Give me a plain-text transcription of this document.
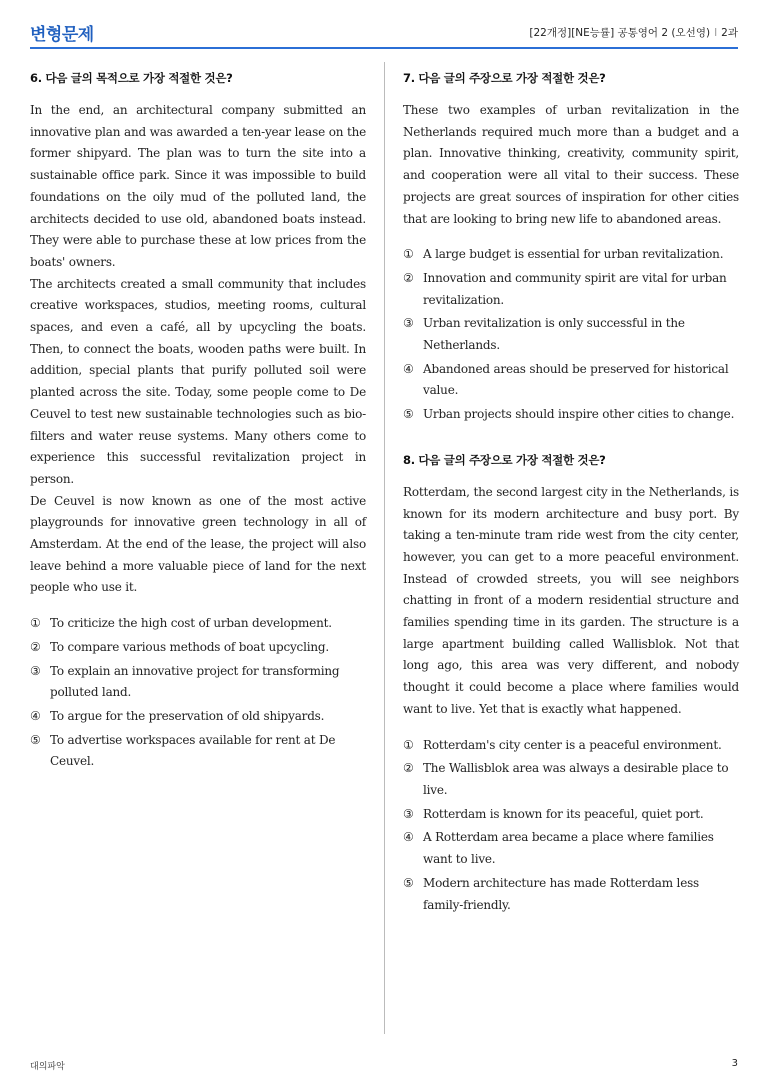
변형문제	[22개정][NE능률] 공통영어 2 (오선영) I 2과
6. 다음 글의 목적으로 가장 적절한 것은?

In the end, an architectural company submitted an innovative plan and was awarded a ten-year lease on the former shipyard. The plan was to turn the site into a sustainable office park. Since it was impossible to build foundations on the oily mud of the polluted land, the architects decided to use old, abandoned boats instead. They were able to purchase these at low prices from the boats' owners.

The architects created a small community that includes creative workspaces, studios, meeting rooms, cultural spaces, and even a café, all by upcycling the boats. Then, to connect the boats, wooden paths were built. In addition, special plants that purify polluted soil were planted across the site. Today, some people come to De Ceuvel to test new sustainable technologies such as bio-filters and water reuse systems. Many others come to experience this successful revitalization project in person.

De Ceuvel is now known as one of the most active playgrounds for innovative green technology in all of Amsterdam. At the end of the lease, the project will also leave behind a more valuable piece of land for the next people who use it.

① To criticize the high cost of urban development.
② To compare various methods of boat upcycling.
③ To explain an innovative project for transforming polluted land.
④ To argue for the preservation of old shipyards.
⑤ To advertise workspaces available for rent at De Ceuvel.
7. 다음 글의 주장으로 가장 적절한 것은?

These two examples of urban revitalization in the Netherlands required much more than a budget and a plan. Innovative thinking, creativity, community spirit, and cooperation were all vital to their success. These projects are great sources of inspiration for other cities that are looking to bring new life to abandoned areas.

① A large budget is essential for urban revitalization.
② Innovation and community spirit are vital for urban revitalization.
③ Urban revitalization is only successful in the Netherlands.
④ Abandoned areas should be preserved for historical value.
⑤ Urban projects should inspire other cities to change.
8. 다음 글의 주장으로 가장 적절한 것은?

Rotterdam, the second largest city in the Netherlands, is known for its modern architecture and busy port. By taking a ten-minute tram ride west from the city center, however, you can get to a more peaceful environment. Instead of crowded streets, you will see neighbors chatting in front of a modern residential structure and families spending time in its garden. The structure is a large apartment building called Wallisblok. Not that long ago, this area was very different, and nobody thought it could become a place where families would want to live. Yet that is exactly what happened.

① Rotterdam's city center is a peaceful environment.
② The Wallisblok area was always a desirable place to live.
③ Rotterdam is known for its peaceful, quiet port.
④ A Rotterdam area became a place where families want to live.
⑤ Modern architecture has made Rotterdam less family-friendly.
대의파악	3
